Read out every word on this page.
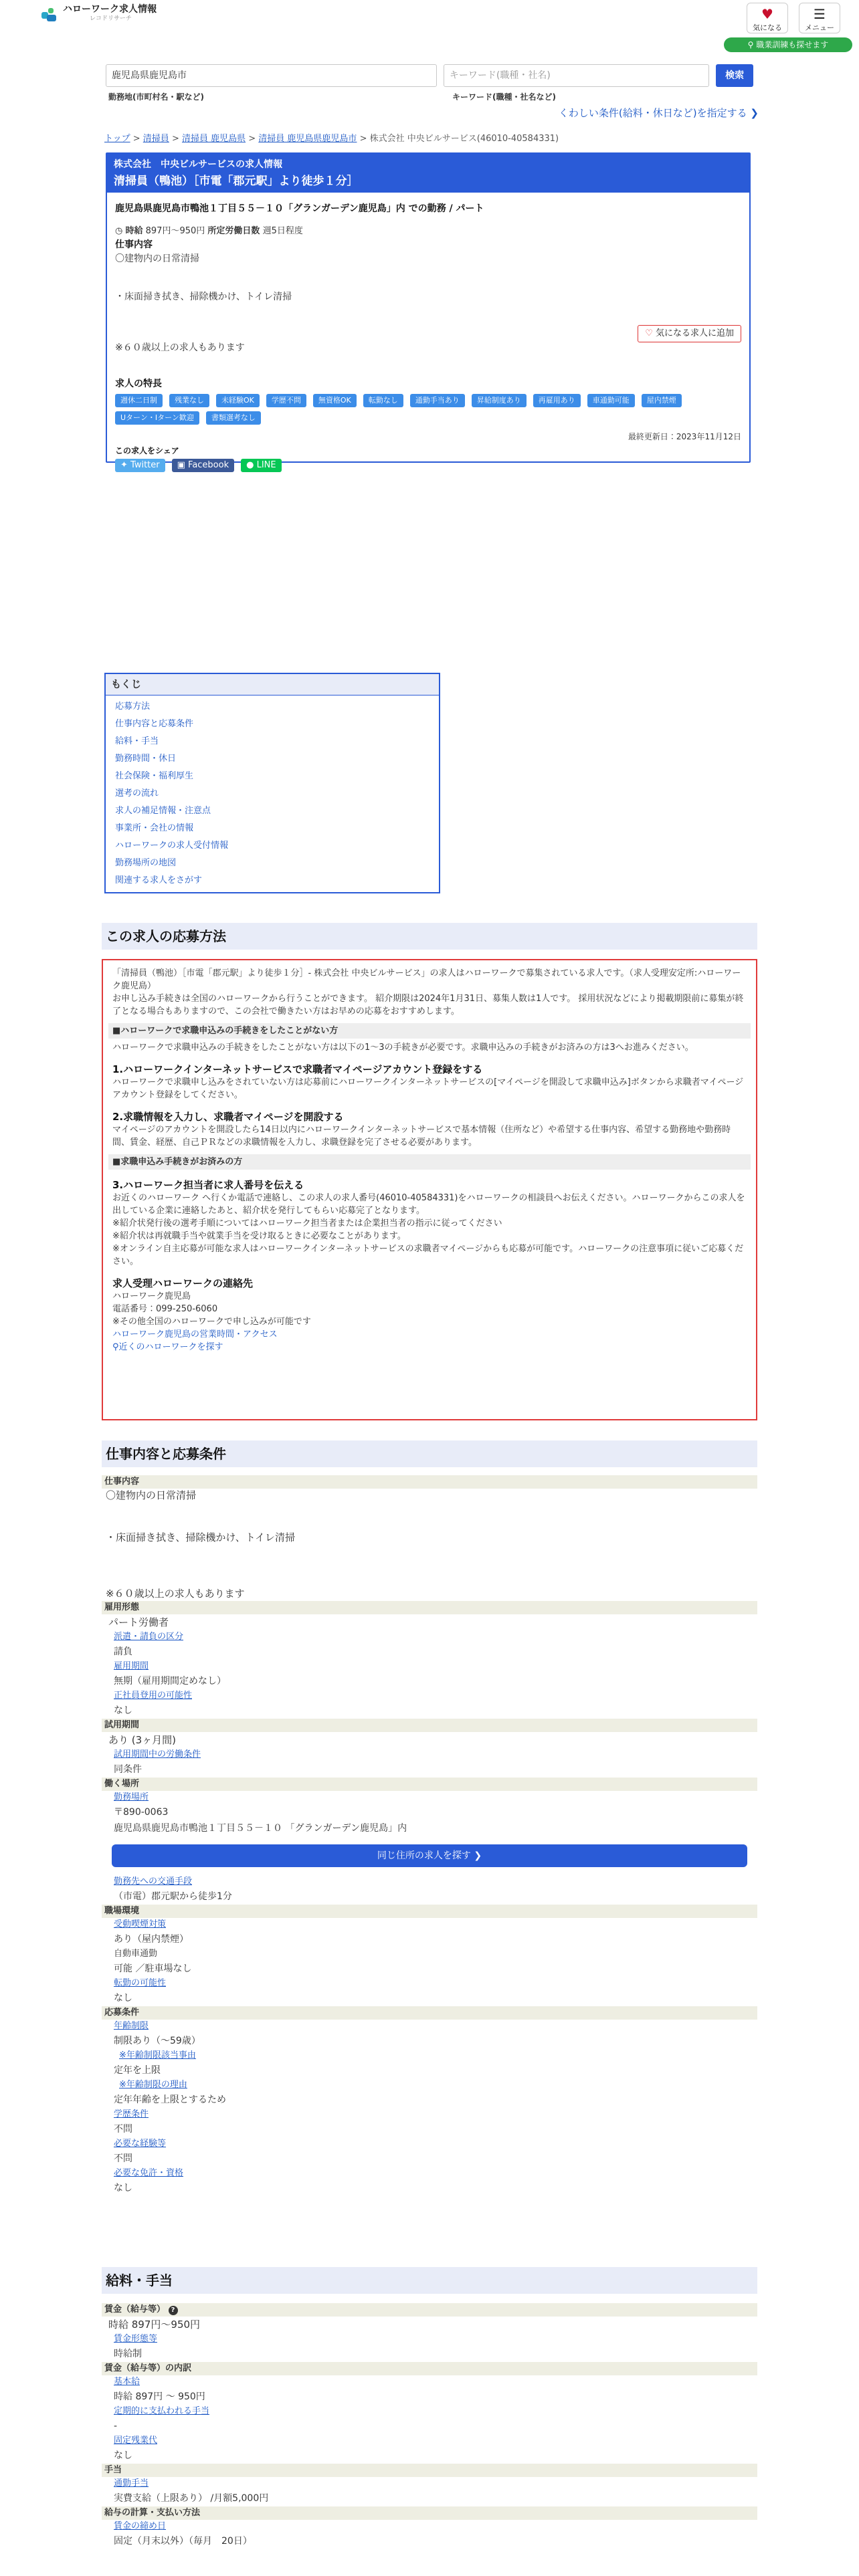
ハローワーク求人情報
レコドリサーチ	♥
気になる
☰
メニュー
⚲ 職業訓練も探せます
鹿児島県鹿児島市	キーワード(職種・社名)	検索
勤務地(市町村名・駅など)	キーワード(職種・社名など)
くわしい条件(給料・休日など)を指定する ❯
トップ > 清掃員 > 清掃員 鹿児島県 > 清掃員 鹿児島県鹿児島市 > 株式会社 中央ビルサービス(46010-40584331)
株式会社　中央ビルサービスの求人情報
清掃員（鴨池）［市電「郡元駅」より徒歩１分］
鹿児島県鹿児島市鴨池１丁目５５－１０「グランガーデン鹿児島」内 での勤務 / パート
◷ 時給 897円〜950円 所定労働日数 週5日程度
仕事内容
〇建物内の日常清掃

・床面掃き拭き、掃除機かけ、トイレ清掃

※６０歳以上の求人もあります
♡ 気になる求人に追加
求人の特長
週休二日制	残業なし	未経験OK	学歴不問	無資格OK	転勤なし	通勤手当あり	昇給制度あり	再雇用あり	車通勤可能	屋内禁煙
Uターン・Iターン歓迎	書類選考なし
最終更新日：2023年11月12日
この求人をシェア
✦ Twitter	▣ Facebook	● LINE
もくじ
応募方法
仕事内容と応募条件
給料・手当
勤務時間・休日
社会保険・福利厚生
選考の流れ
求人の補足情報・注意点
事業所・会社の情報
ハローワークの求人受付情報
勤務場所の地図
関連する求人をさがす
この求人の応募方法

「清掃員（鴨池）［市電「郡元駅」より徒歩１分］- 株式会社 中央ビルサービス」の求人はハローワークで募集されている求人です。（求人受理安定所:ハローワーク鹿児島）

お申し込み手続きは全国のハローワークから行うことができます。 紹介期限は2024年1月31日、募集人数は1人です。 採用状況などにより掲載期限前に募集が終了となる場合もありますので、この会社で働きたい方はお早めの応募をおすすめします。

■ハローワークで求職申込みの手続きをしたことがない方

ハローワークで求職申込みの手続きをしたことがない方は以下の1〜3の手続きが必要です。求職申込みの手続きがお済みの方は3へお進みください。

1.ハローワークインターネットサービスで求職者マイページアカウント登録をする

ハローワークで求職申し込みをされていない方は応募前にハローワークインターネットサービスの[マイページを開設して求職申込み]ボタンから求職者マイページアカウント登録をしてください。

2.求職情報を入力し、求職者マイページを開設する

マイページのアカウントを開設したら14日以内にハローワークインターネットサービスで基本情報（住所など）や希望する仕事内容、希望する勤務地や勤務時間、賃金、経歴、自己ＰＲなどの求職情報を入力し、求職登録を完了させる必要があります。

■求職申込み手続きがお済みの方
3.ハローワーク担当者に求人番号を伝える

お近くのハローワーク へ行くか電話で連絡し、この求人の求人番号(46010-40584331)をハローワークの相談員へお伝えください。ハローワークからこの求人を出している企業に連絡したあと、紹介状を発行してもらい応募完了となります。
※紹介状発行後の選考手順についてはハローワーク担当者または企業担当者の指示に従ってください
※紹介状は再就職手当や就業手当を受け取るときに必要なことがあります。
※オンライン自主応募が可能な求人はハローワークインターネットサービスの求職者マイページからも応募が可能です。ハローワークの注意事項に従いご応募ください。

求人受理ハローワークの連絡先

ハローワーク鹿児島

電話番号：099-250-6060

※その他全国のハローワークで申し込みが可能です

ハローワーク鹿児島の営業時間・アクセス

⚲近くのハローワークを探す

仕事内容と応募条件
仕事内容
〇建物内の日常清掃

・床面掃き拭き、掃除機かけ、トイレ清掃

※６０歳以上の求人もあります
雇用形態
パート労働者
派遣・請負の区分
請負
雇用期間
無期（雇用期間定めなし）
正社員登用の可能性
なし
試用期間
あり (3ヶ月間)
試用期間中の労働条件
同条件
働く場所
勤務場所
〒890-0063
鹿児島県鹿児島市鴨池１丁目５５－１０ 「グランガーデン鹿児島」内
同じ住所の求人を探す ❯
勤務先への交通手段
（市電）郡元駅から徒歩1分
職場環境
受動喫煙対策
あり（屋内禁煙）
自動車通勤
可能 ／駐車場なし
転勤の可能性
なし
応募条件
年齢制限
制限あり（〜59歳）
※年齢制限該当事由
定年を上限
※年齢制限の理由
定年年齢を上限とするため
学歴条件
不問
必要な経験等
不問
必要な免許・資格
なし
給料・手当
賃金（給与等） ?
時給 897円〜950円
賃金形態等
時給制
賃金（給与等）の内訳
基本給
時給 897円 〜 950円
定期的に支払われる手当
-
固定残業代
なし
手当
通勤手当
実費支給（上限あり） /月額5,000円
給与の計算・支払い方法
賃金の締め日
固定（月末以外）（毎月　20日）
